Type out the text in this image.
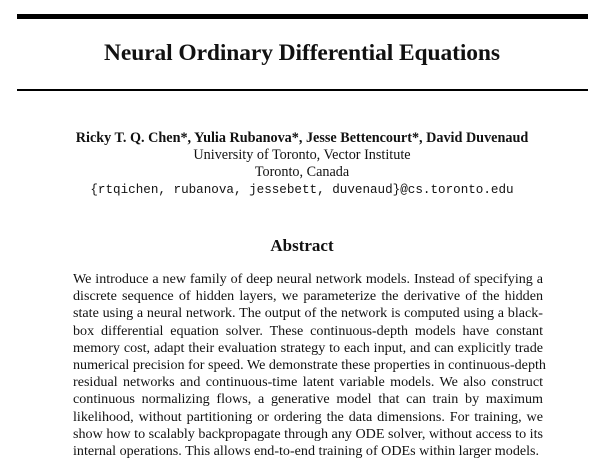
Neural Ordinary Differential Equations
Ricky T. Q. Chen*, Yulia Rubanova*, Jesse Bettencourt*, David Duvenaud
University of Toronto, Vector Institute
Toronto, Canada
{rtqichen, rubanova, jessebett, duvenaud}@cs.toronto.edu
Abstract
We introduce a new family of deep neural network models. Instead of specifying a
discrete sequence of hidden layers, we parameterize the derivative of the hidden
state using a neural network. The output of the network is computed using a black-
box differential equation solver. These continuous-depth models have constant
memory cost, adapt their evaluation strategy to each input, and can explicitly trade
numerical precision for speed. We demonstrate these properties in continuous-depth
residual networks and continuous-time latent variable models. We also construct
continuous normalizing flows, a generative model that can train by maximum
likelihood, without partitioning or ordering the data dimensions. For training, we
show how to scalably backpropagate through any ODE solver, without access to its
internal operations. This allows end-to-end training of ODEs within larger models.
